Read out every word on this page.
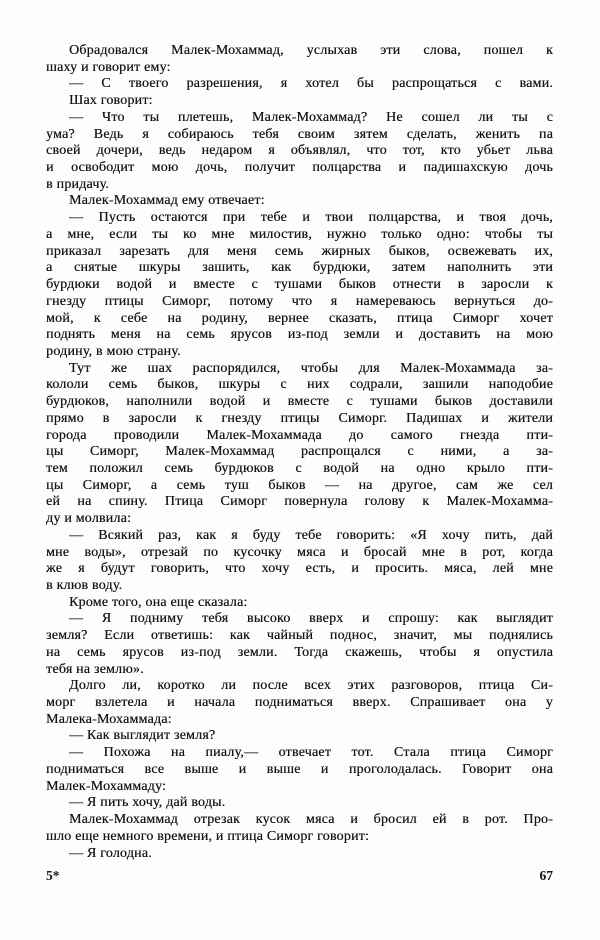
Обрадовался Малек-Мохаммад, услыхав эти слова, пошел к
шаху и говорит ему:
— С твоего разрешения, я хотел бы распрощаться с вами.
Шах говорит:
— Что ты плетешь, Малек-Мохаммад? Не сошел ли ты с
ума? Ведь я собираюсь тебя своим зятем сделать, женить па
своей дочери, ведь недаром я объявлял, что тот, кто убьет льва
и освободит мою дочь, получит полцарства и падишахскую дочь
в придачу.
Малек-Мохаммад ему отвечает:
— Пусть остаются при тебе и твои полцарства, и твоя дочь,
а мне, если ты ко мне милостив, нужно только одно: чтобы ты
приказал зарезать для меня семь жирных быков, освежевать их,
а снятые шкуры зашить, как бурдюки, затем наполнить эти
бурдюки водой и вместе с тушами быков отнести в заросли к
гнезду птицы Симорг, потому что я намереваюсь вернуться до-
мой, к себе на родину, вернее сказать, птица Симорг хочет
поднять меня на семь ярусов из-под земли и доставить на мою
родину, в мою страну.
Тут же шах распорядился, чтобы для Малек-Мохаммада за-
кололи семь быков, шкуры с них содрали, зашили наподобие
бурдюков, наполнили водой и вместе с тушами быков доставили
прямо в заросли к гнезду птицы Симорг. Падишах и жители
города проводили Малек-Мохаммада до самого гнезда пти-
цы Симорг, Малек-Мохаммад распрощался с ними, а за-
тем положил семь бурдюков с водой на одно крыло пти-
цы Симорг, а семь туш быков — на другое, сам же сел
ей на спину. Птица Симорг повернула голову к Малек-Мохамма-
ду и молвила:
— Всякий раз, как я буду тебе говорить: «Я хочу пить, дай
мне воды», отрезай по кусочку мяса и бросай мне в рот, когда
же я будут говорить, что хочу есть, и просить. мяса, лей мне
в клюв воду.
Кроме того, она еще сказала:
— Я подниму тебя высоко вверх и спрошу: как выглядит
земля? Если ответишь: как чайный поднос, значит, мы поднялись
на семь ярусов из-под земли. Тогда скажешь, чтобы я опустила
тебя на землю».
Долго ли, коротко ли после всех этих разговоров, птица Си-
морг взлетела и начала подниматься вверх. Спрашивает она у
Малека-Мохаммада:
— Как выглядит земля?
— Похожа на пиалу,— отвечает тот. Стала птица Симорг
подниматься все выше и выше и проголодалась. Говорит она
Малек-Мохаммаду:
— Я пить хочу, дай воды.
Малек-Мохаммад отрезак кусок мяса и бросил ей в рот. Про-
шло еще немного времени, и птица Симорг говорит:
— Я голодна.
5*	67
